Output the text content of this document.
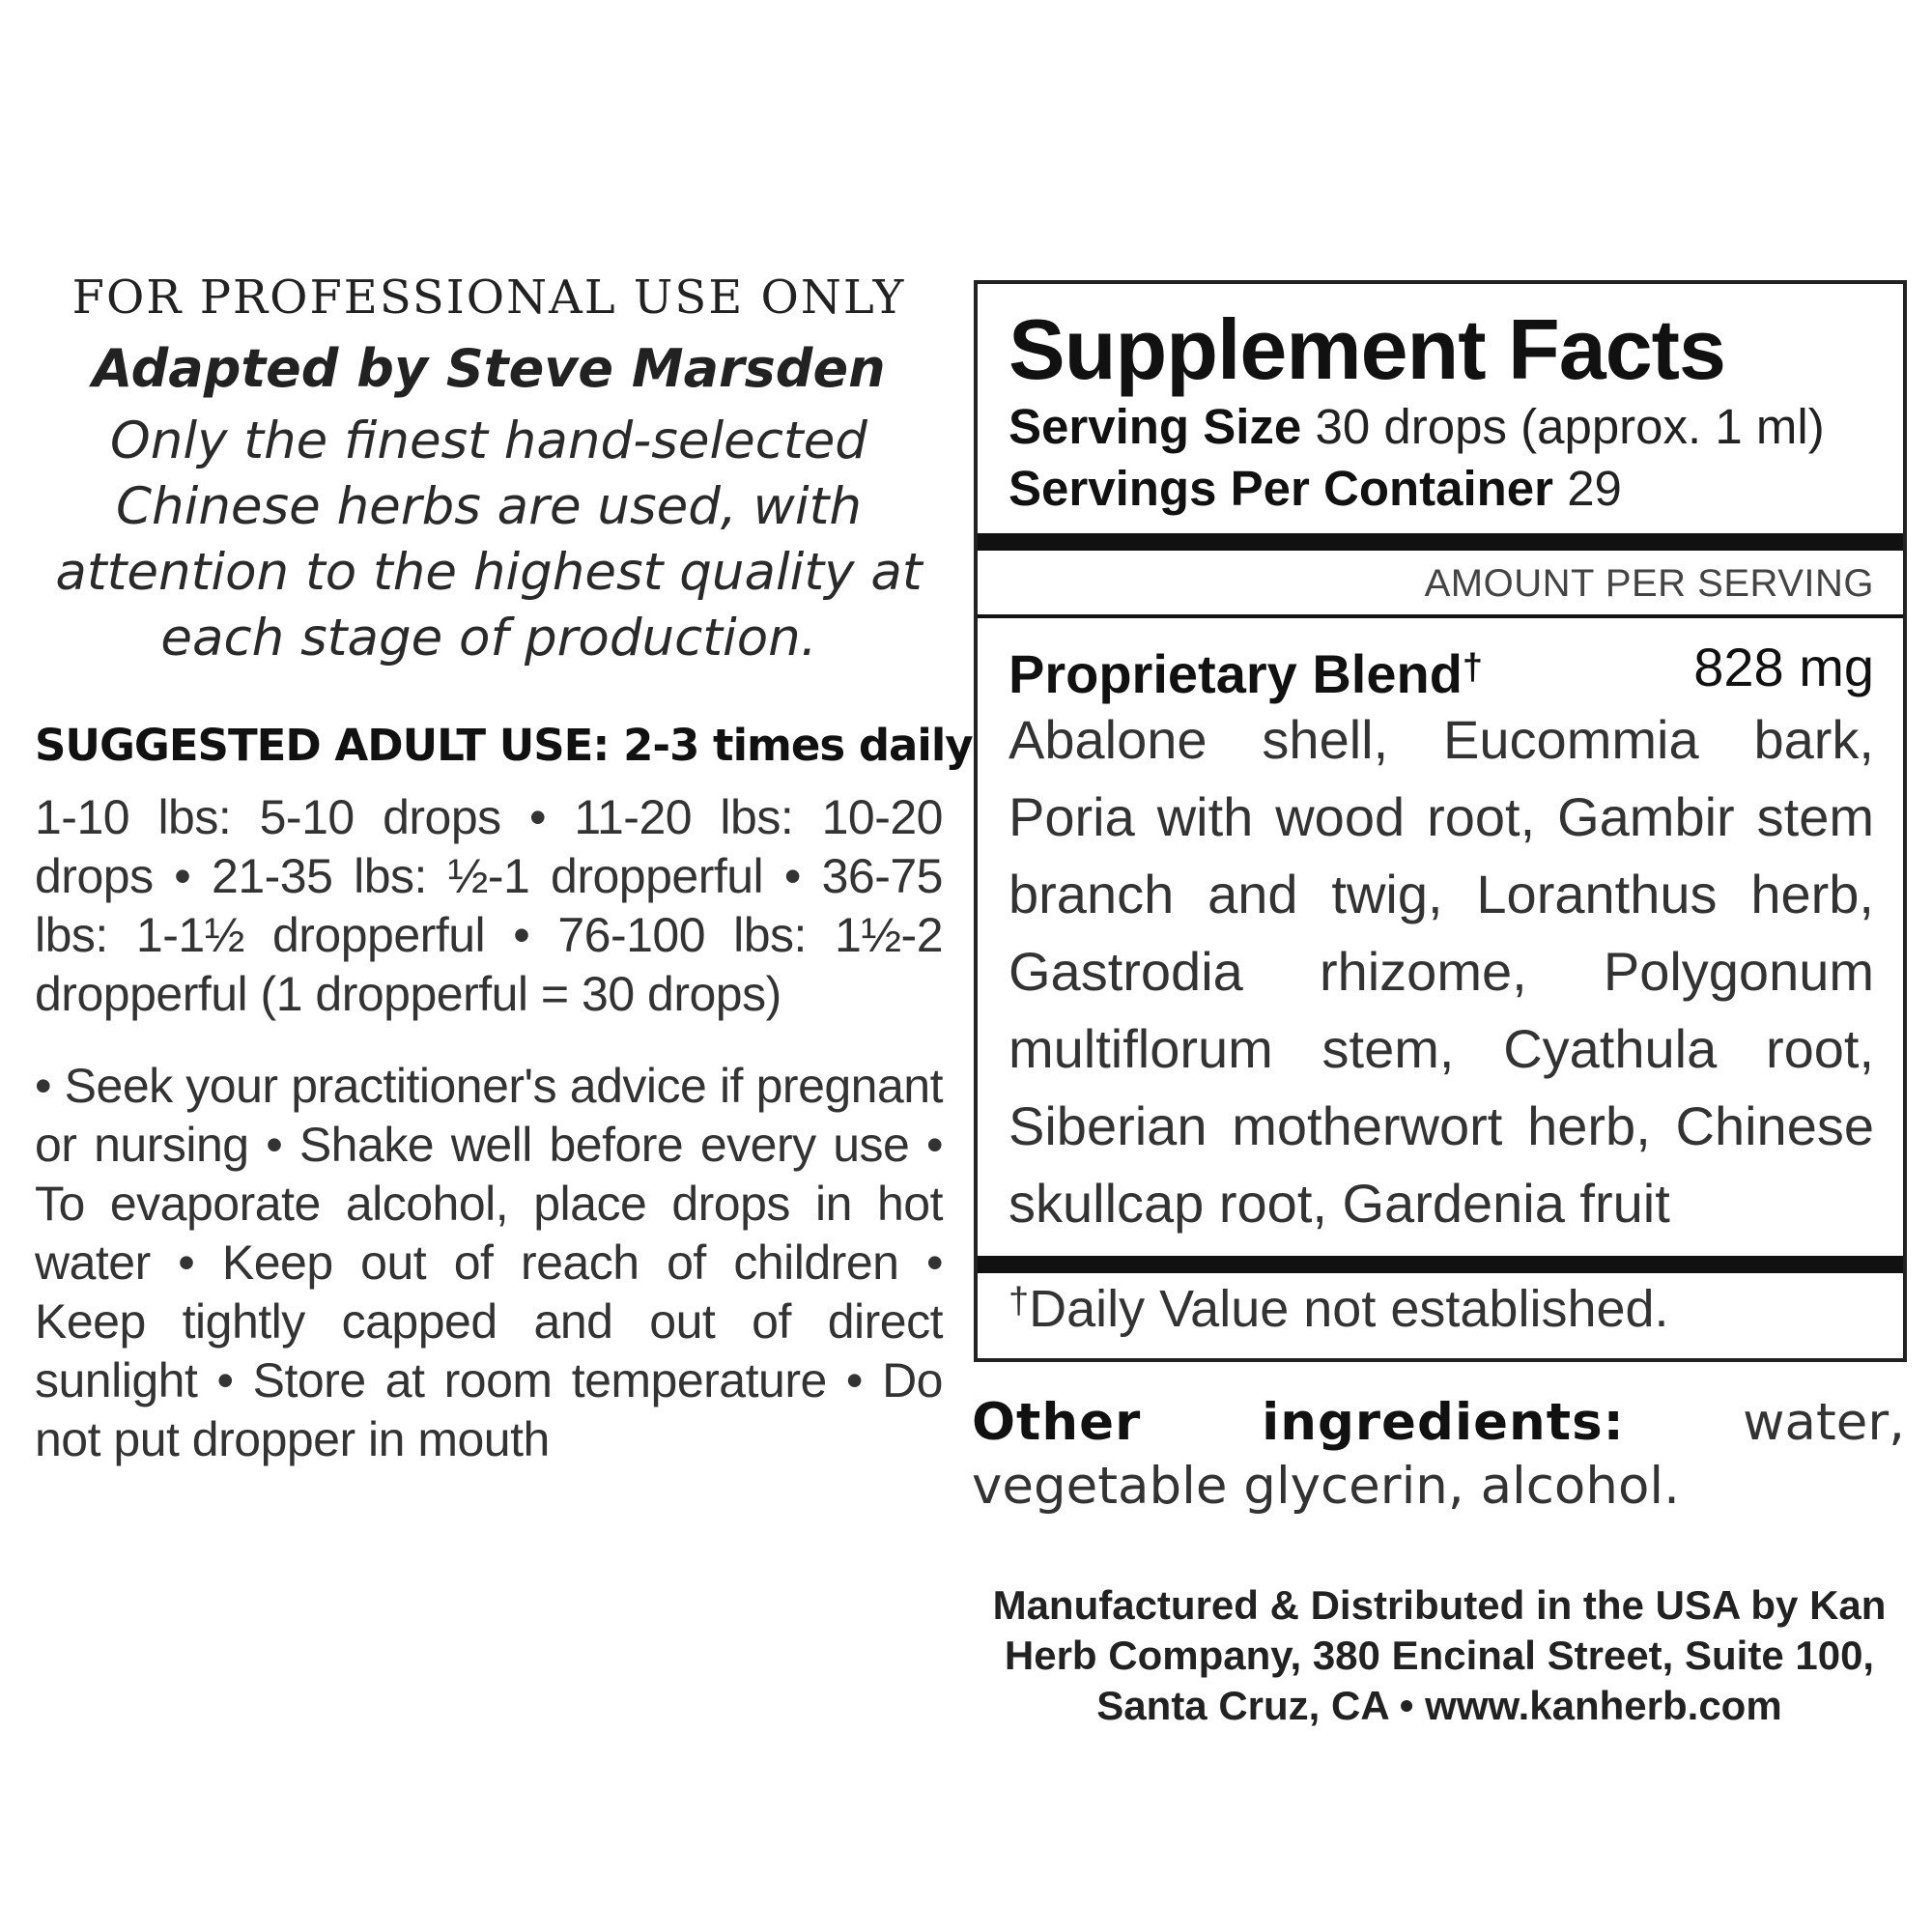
FOR PROFESSIONAL USE ONLY
Adapted by Steve Marsden
Only the finest hand-selected Chinese herbs are used, with attention to the highest quality at each stage of production.
SUGGESTED ADULT USE: 2-3 times daily
1-10 lbs: 5-10 drops • 11-20 lbs: 10-20 drops • 21-35 lbs: ½-1 dropperful • 36-75 lbs: 1-1½ dropperful • 76-100 lbs: 1½-2 dropperful (1 dropperful = 30 drops)
• Seek your practitioner's advice if pregnant or nursing • Shake well before every use • To evaporate alcohol, place drops in hot water • Keep out of reach of children • Keep tightly capped and out of direct sunlight • Store at room temperature • Do not put dropper in mouth
Supplement Facts
Serving Size 30 drops (approx. 1 ml)
Servings Per Container 29
AMOUNT PER SERVING
Proprietary Blend†	828 mg
Abalone shell, Eucommia bark, Poria with wood root, Gambir stem branch and twig, Loranthus herb, Gastrodia rhizome, Polygonum multiflorum stem, Cyathula root, Siberian motherwort herb, Chinese skullcap root, Gardenia fruit
†Daily Value not established.
Other ingredients: water, vegetable glycerin, alcohol.
Manufactured & Distributed in the USA by Kan
Herb Company, 380 Encinal Street, Suite 100,
Santa Cruz, CA • www.kanherb.com
